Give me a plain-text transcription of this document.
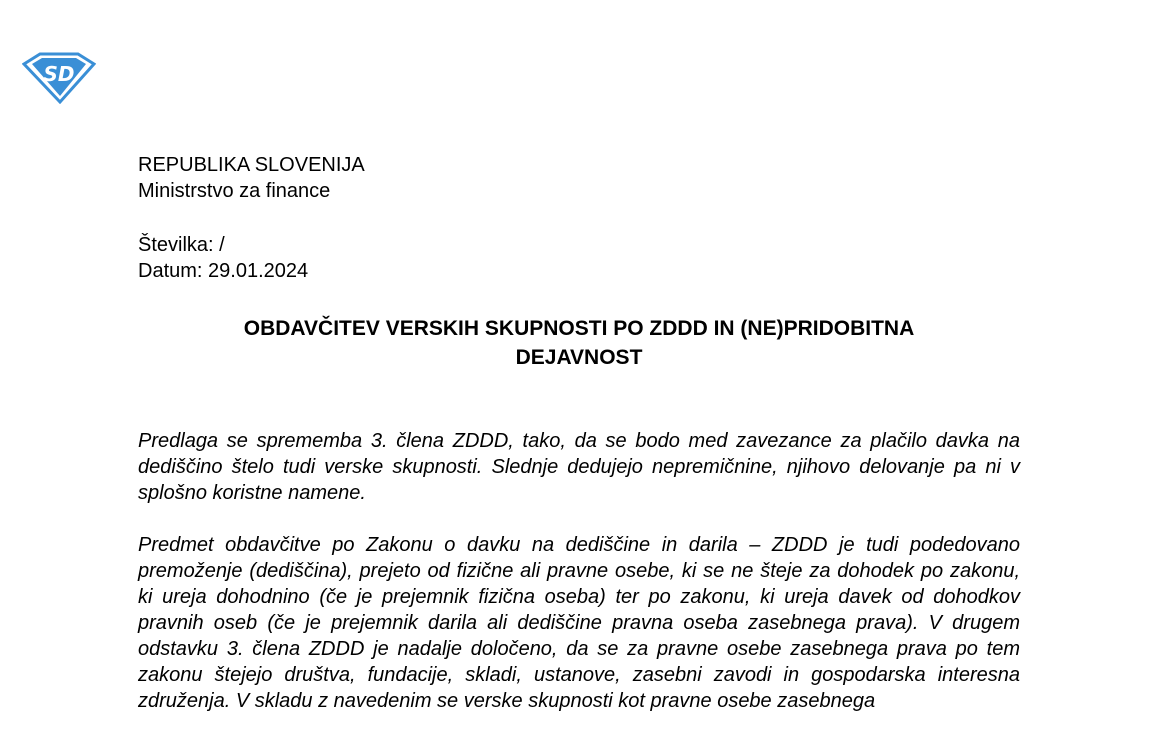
SD
REPUBLIKA SLOVENIJA
Ministrstvo za finance
Številka: /
Datum: 29.01.2024
OBDAVČITEV VERSKIH SKUPNOSTI PO ZDDD IN (NE)PRIDOBITNA
DEJAVNOST

Predlaga se sprememba 3. člena ZDDD, tako, da se bodo med zavezance za plačilo davka na dediščino štelo tudi verske skupnosti. Slednje dedujejo nepremičnine, njihovo delovanje pa ni v splošno koristne namene.

Predmet obdavčitve po Zakonu o davku na dediščine in darila – ZDDD je tudi podedovano premoženje (dediščina), prejeto od fizične ali pravne osebe, ki se ne šteje za dohodek po zakonu, ki ureja dohodnino (če je prejemnik fizična oseba) ter po zakonu, ki ureja davek od dohodkov pravnih oseb (če je prejemnik darila ali dediščine pravna oseba zasebnega prava). V drugem odstavku 3. člena ZDDD je nadalje določeno, da se za pravne osebe zasebnega prava po tem zakonu štejejo društva, fundacije, skladi, ustanove, zasebni zavodi in gospodarska interesna združenja. V skladu z navedenim se verske skupnosti kot pravne osebe zasebnega
